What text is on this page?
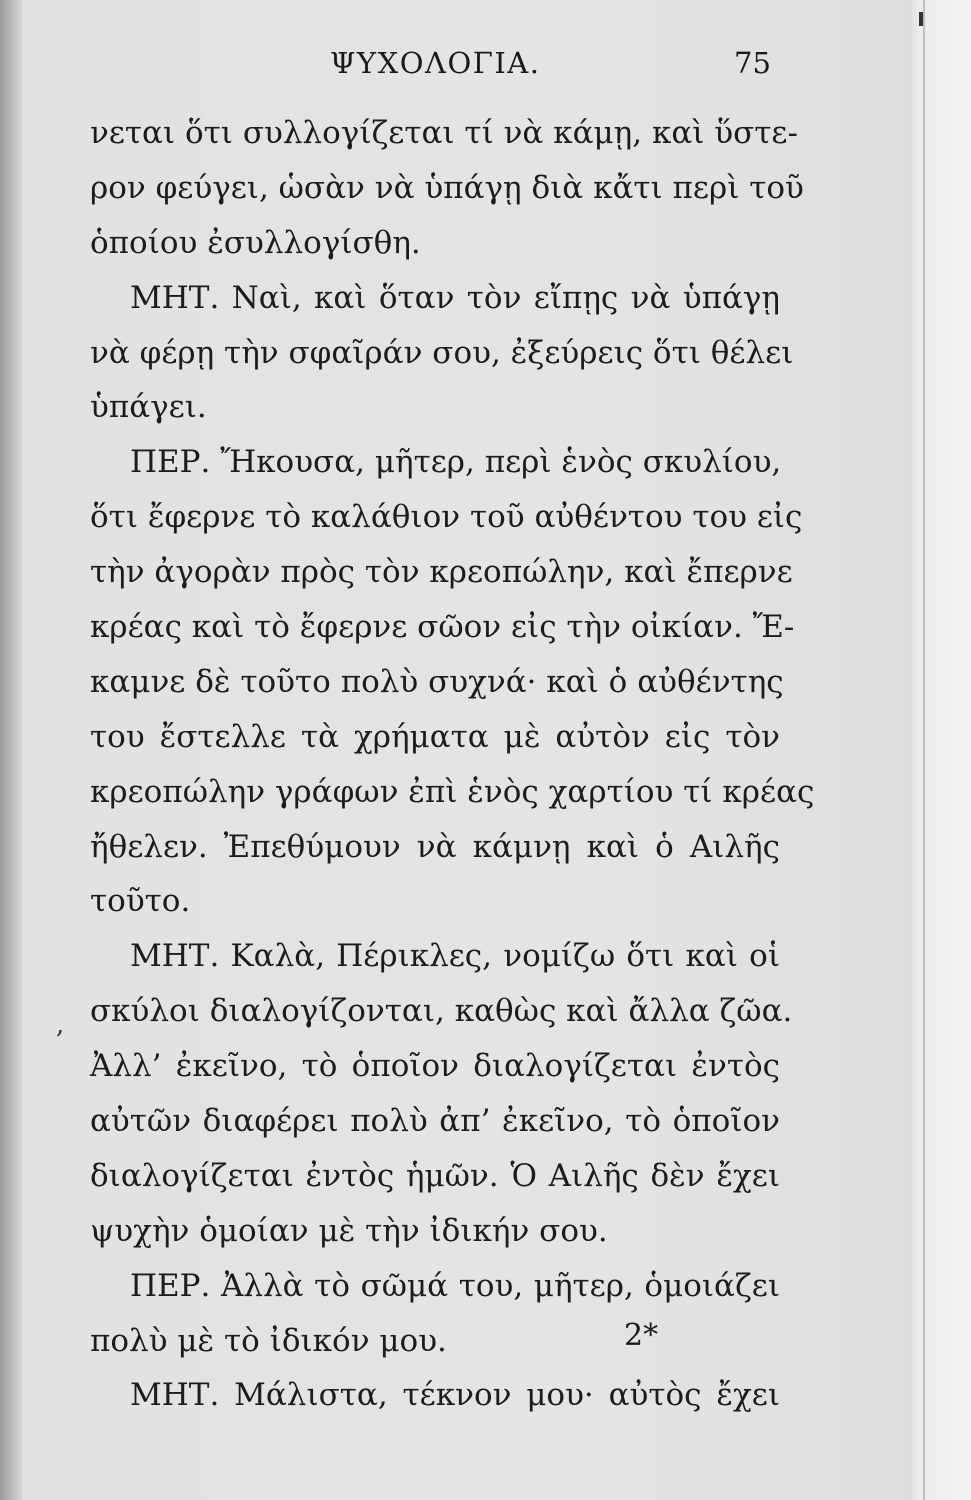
ΨΥΧΟΛΟΓΙΑ.	75
,
νεται ὅτι συλλογίζεται τί νὰ κάμῃ, καὶ ὕστε-
ρον φεύγει, ὡσὰν νὰ ὑπάγῃ διὰ κἄτι περὶ τοῦ
ὁποίου ἐσυλλογίσθη.
ΜΗΤ. Ναὶ, καὶ ὅταν τὸν εἴπῃς νὰ ὑπάγῃ
νὰ φέρῃ τὴν σφαῖράν σου, ἐξεύρεις ὅτι θέλει
ὑπάγει.
ΠΕΡ. Ἤκουσα, μῆτερ, περὶ ἑνὸς σκυλίου,
ὅτι ἔφερνε τὸ καλάθιον τοῦ αὐθέντου του εἰς
τὴν ἀγορὰν πρὸς τὸν κρεοπώλην, καὶ ἔπερνε
κρέας καὶ τὸ ἔφερνε σῶον εἰς τὴν οἰκίαν. Ἔ-
καμνε δὲ τοῦτο πολὺ συχνά· καὶ ὁ αὐθέντης
του ἔστελλε τὰ χρήματα μὲ αὐτὸν εἰς τὸν
κρεοπώλην γράφων ἐπὶ ἑνὸς χαρτίου τί κρέας
ἤθελεν. Ἐπεθύμουν νὰ κάμνῃ καὶ ὁ Αιλῆς
τοῦτο.
ΜΗΤ. Καλὰ, Πέρικλες, νομίζω ὅτι καὶ οἱ
σκύλοι διαλογίζονται, καθὼς καὶ ἄλλα ζῶα.
Ἀλλ’ ἐκεῖνο, τὸ ὁποῖον διαλογίζεται ἐντὸς
αὐτῶν διαφέρει πολὺ ἀπ’ ἐκεῖνο, τὸ ὁποῖον
διαλογίζεται ἐντὸς ἡμῶν. Ὁ Αιλῆς δὲν ἔχει
ψυχὴν ὁμοίαν μὲ τὴν ἰδικήν σου.
ΠΕΡ. Ἀλλὰ τὸ σῶμά του, μῆτερ, ὁμοιάζει
πολὺ μὲ τὸ ἰδικόν μου.
ΜΗΤ. Μάλιστα, τέκνον μου· αὐτὸς ἔχει
2*
